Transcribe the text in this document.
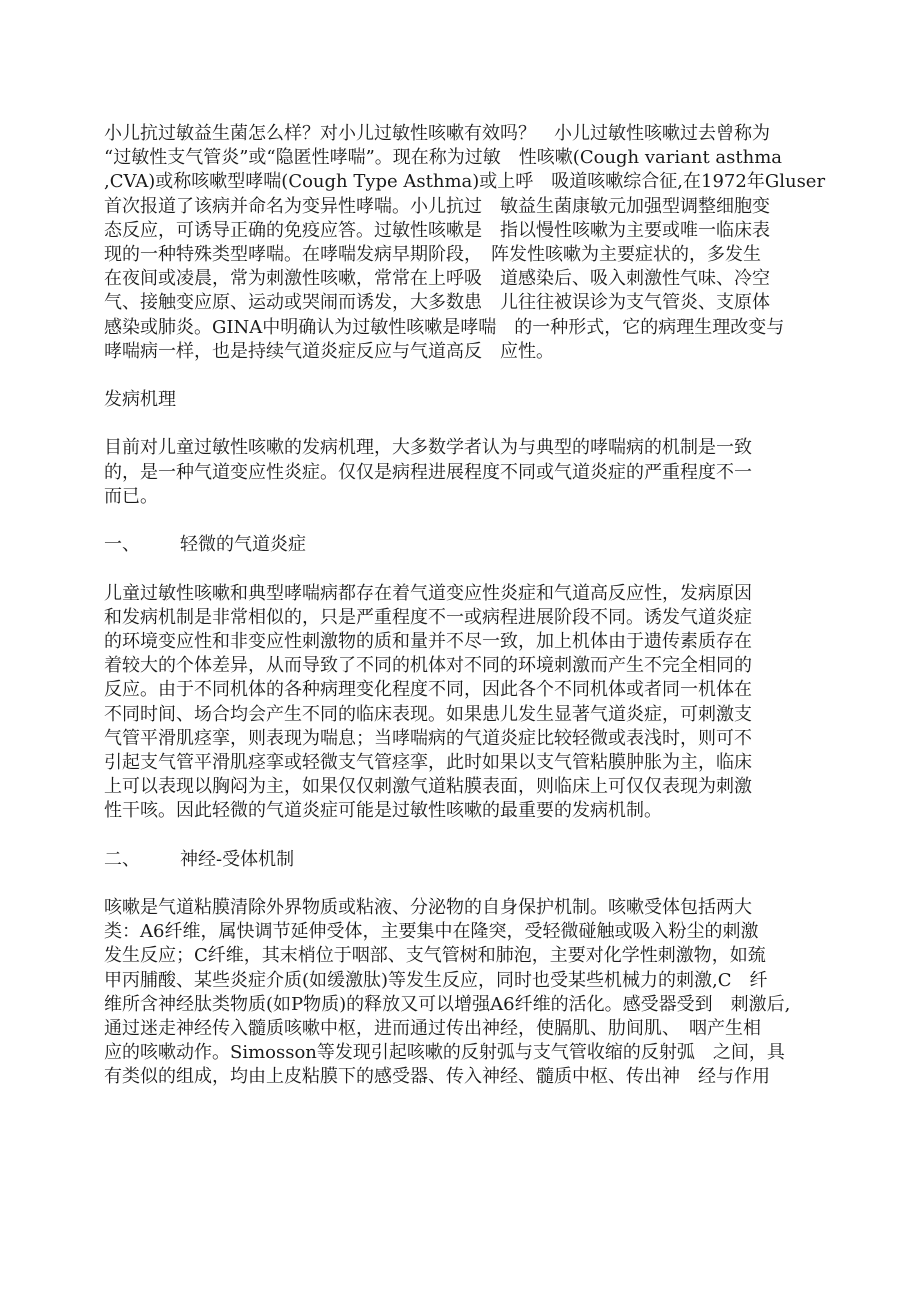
小儿抗过敏益生菌怎么样？对小儿过敏性咳嗽有效吗？　小儿过敏性咳嗽过去曾称为
“过敏性支气管炎”或“隐匿性哮喘”。现在称为过敏　性咳嗽(Cough variant asthma
,CVA)或称咳嗽型哮喘(Cough Type Asthma)或上呼　吸道咳嗽综合征,在1972年Gluser
首次报道了该病并命名为变异性哮喘。小儿抗过　敏益生菌康敏元加强型调整细胞变
态反应，可诱导正确的免疫应答。过敏性咳嗽是　指以慢性咳嗽为主要或唯一临床表
现的一种特殊类型哮喘。在哮喘发病早期阶段，　阵发性咳嗽为主要症状的，多发生
在夜间或凌晨，常为刺激性咳嗽，常常在上呼吸　道感染后、吸入刺激性气味、冷空
气、接触变应原、运动或哭闹而诱发，大多数患　儿往往被误诊为支气管炎、支原体
感染或肺炎。GINA中明确认为过敏性咳嗽是哮喘　的一种形式，它的病理生理改变与
哮喘病一样，也是持续气道炎症反应与气道高反　应性。
发病机理
目前对儿童过敏性咳嗽的发病机理，大多数学者认为与典型的哮喘病的机制是一致
的，是一种气道变应性炎症。仅仅是病程进展程度不同或气道炎症的严重程度不一
而已。
一、 轻微的气道炎症
儿童过敏性咳嗽和典型哮喘病都存在着气道变应性炎症和气道高反应性，发病原因
和发病机制是非常相似的，只是严重程度不一或病程进展阶段不同。诱发气道炎症
的环境变应性和非变应性刺激物的质和量并不尽一致，加上机体由于遗传素质存在
着较大的个体差异，从而导致了不同的机体对不同的环境刺激而产生不完全相同的
反应。由于不同机体的各种病理变化程度不同，因此各个不同机体或者同一机体在
不同时间、场合均会产生不同的临床表现。如果患儿发生显著气道炎症，可刺激支
气管平滑肌痉挛，则表现为喘息；当哮喘病的气道炎症比较轻微或表浅时，则可不
引起支气管平滑肌痉挛或轻微支气管痉挛，此时如果以支气管粘膜肿胀为主，临床
上可以表现以胸闷为主，如果仅仅刺激气道粘膜表面，则临床上可仅仅表现为刺激
性干咳。因此轻微的气道炎症可能是过敏性咳嗽的最重要的发病机制。
二、 神经-受体机制
咳嗽是气道粘膜清除外界物质或粘液、分泌物的自身保护机制。咳嗽受体包括两大
类：A6纤维，属快调节延伸受体，主要集中在隆突，受轻微碰触或吸入粉尘的刺激
发生反应；C纤维，其末梢位于咽部、支气管树和肺泡，主要对化学性刺激物，如巯
甲丙脯酸、某些炎症介质(如缓激肽)等发生反应，同时也受某些机械力的刺激,C　纤
维所含神经肽类物质(如P物质)的释放又可以增强A6纤维的活化。感受器受到　刺激后,
通过迷走神经传入髓质咳嗽中枢，进而通过传出神经，使膈肌、肋间肌、　咽产生相
应的咳嗽动作。Simosson等发现引起咳嗽的反射弧与支气管收缩的反射弧　之间，具
有类似的组成，均由上皮粘膜下的感受器、传入神经、髓质中枢、传出神　经与作用
